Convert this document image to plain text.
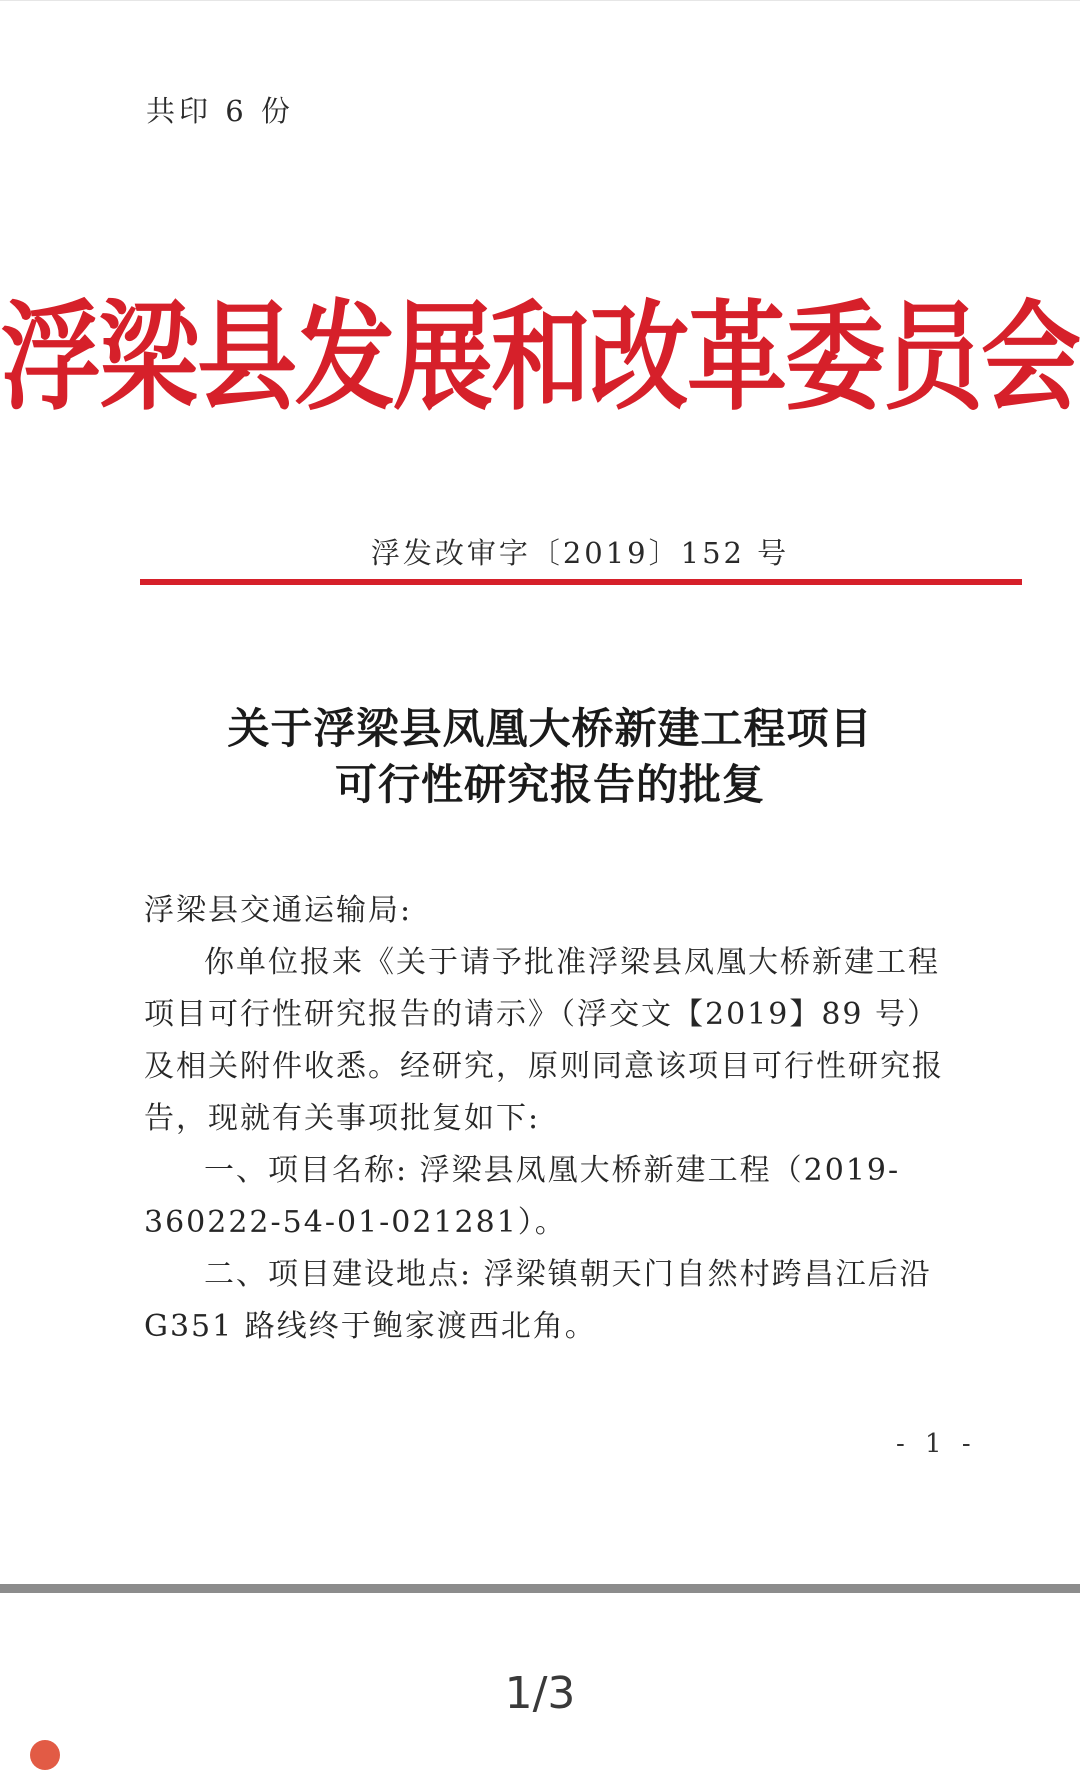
共印 6 份
浮梁县发展和改革委员会
浮发改审字〔2019〕152 号
关于浮梁县凤凰大桥新建工程项目
可行性研究报告的批复

浮梁县交通运输局:

你单位报来《关于请予批准浮梁县凤凰大桥新建工程项目可行性研究报告的请示》（浮交文【2019】89 号）及相关附件收悉。经研究，原则同意该项目可行性研究报告，现就有关事项批复如下:

一、项目名称: 浮梁县凤凰大桥新建工程（2019-360222-54-01-021281）。

二、项目建设地点: 浮梁镇朝天门自然村跨昌江后沿G351 路线终于鲍家渡西北角。

- 1 -
1/3
